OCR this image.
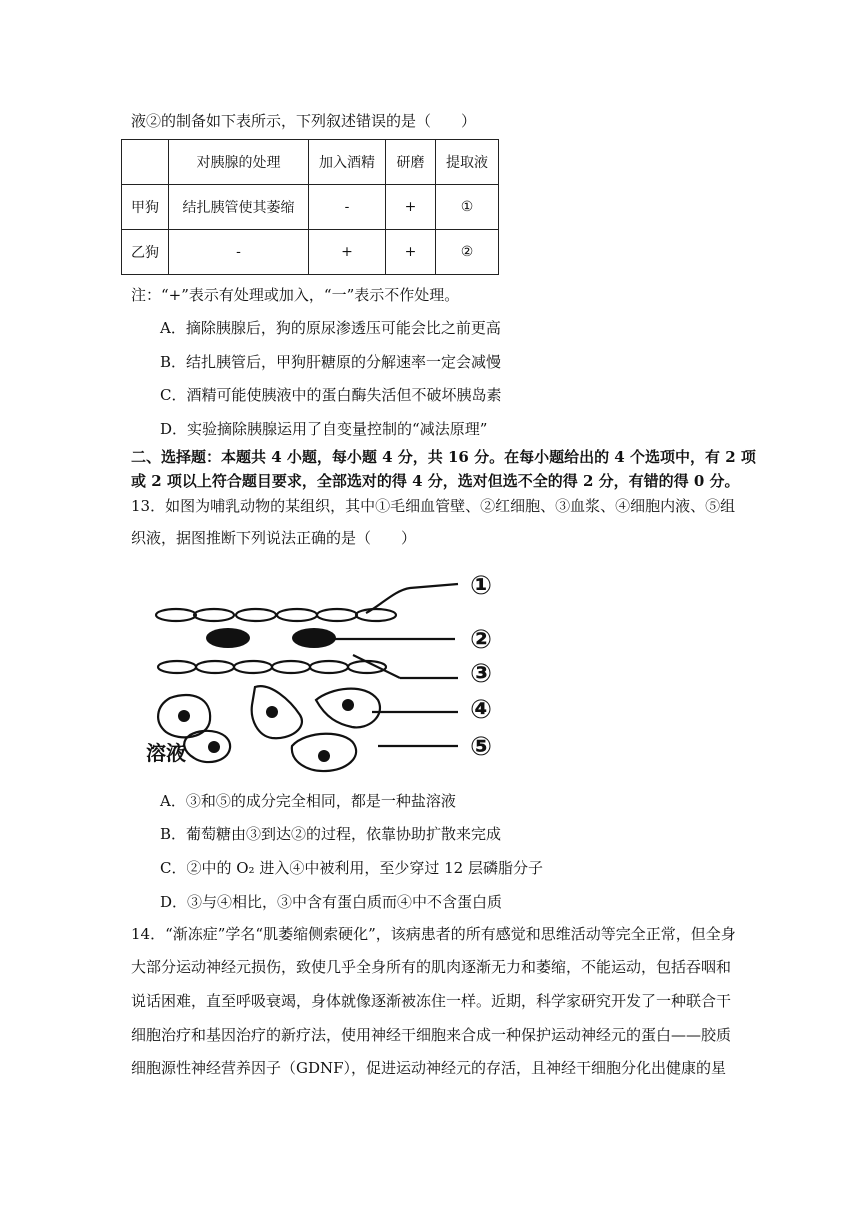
液②的制备如下表所示，下列叙述错误的是（　　）
	对胰腺的处理	加入酒精	研磨	提取液
甲狗	结扎胰管使其萎缩	-	+	①
乙狗	-	+	+	②
注：“+”表示有处理或加入，“一”表示不作处理。
A．摘除胰腺后，狗的原尿渗透压可能会比之前更高
B．结扎胰管后，甲狗肝糖原的分解速率一定会减慢
C．酒精可能使胰液中的蛋白酶失活但不破坏胰岛素
D．实验摘除胰腺运用了自变量控制的“减法原理”
二、选择题：本题共 4 小题，每小题 4 分，共 16 分。在每小题给出的 4 个选项中，有 2 项
或 2 项以上符合题目要求，全部选对的得 4 分，选对但选不全的得 2 分，有错的得 0 分。
13．如图为哺乳动物的某组织，其中①毛细血管壁、②红细胞、③血浆、④细胞内液、⑤组
织液，据图推断下列说法正确的是（　　）
①
②
③
④
⑤
溶液
A．③和⑤的成分完全相同，都是一种盐溶液
B．葡萄糖由③到达②的过程，依靠协助扩散来完成
C．②中的 O₂ 进入④中被利用，至少穿过 12 层磷脂分子
D．③与④相比，③中含有蛋白质而④中不含蛋白质
14．“渐冻症”学名“肌萎缩侧索硬化”，该病患者的所有感觉和思维活动等完全正常，但全身
大部分运动神经元损伤，致使几乎全身所有的肌肉逐渐无力和萎缩，不能运动，包括吞咽和
说话困难，直至呼吸衰竭，身体就像逐渐被冻住一样。近期，科学家研究开发了一种联合干
细胞治疗和基因治疗的新疗法，使用神经干细胞来合成一种保护运动神经元的蛋白——胶质
细胞源性神经营养因子（GDNF），促进运动神经元的存活，且神经干细胞分化出健康的星
